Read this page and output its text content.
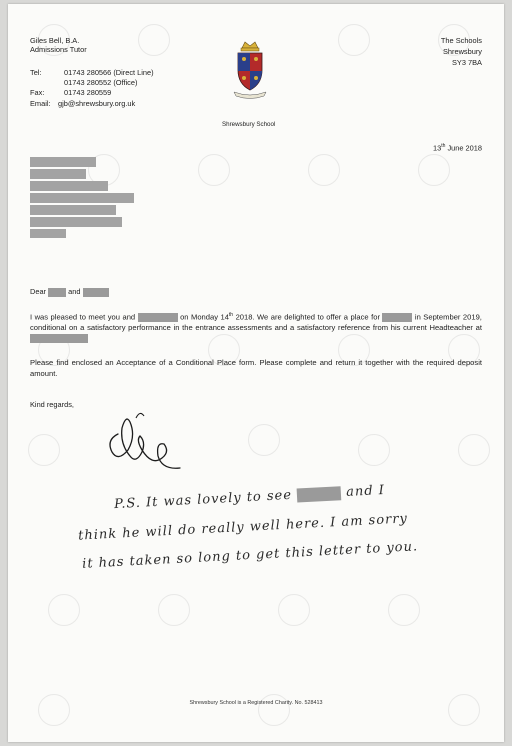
Giles Bell, B.A.
Admissions Tutor
Tel:	01743 280566 (Direct Line)
01743 280552 (Office)
Fax:	01743 280559
Email: gjb@shrewsbury.org.uk
Shrewsbury School
The Schools
Shrewsbury
SY3 7BA
13th June 2018
Dear	and
I was pleased to meet you and	on Monday 14th 2018. We are delighted to offer a place for	in September 2019, conditional on a satisfactory performance in the entrance assessments and a satisfactory reference from his current Headteacher at
Please find enclosed an Acceptance of a Conditional Place form. Please complete and return it together with the required deposit amount.
Kind regards,
P.S. It was lovely to see	and I
think he will do really well here. I am sorry
it has taken so long to get this letter to you.
Shrewsbury School is a Registered Charity. No. 528413
